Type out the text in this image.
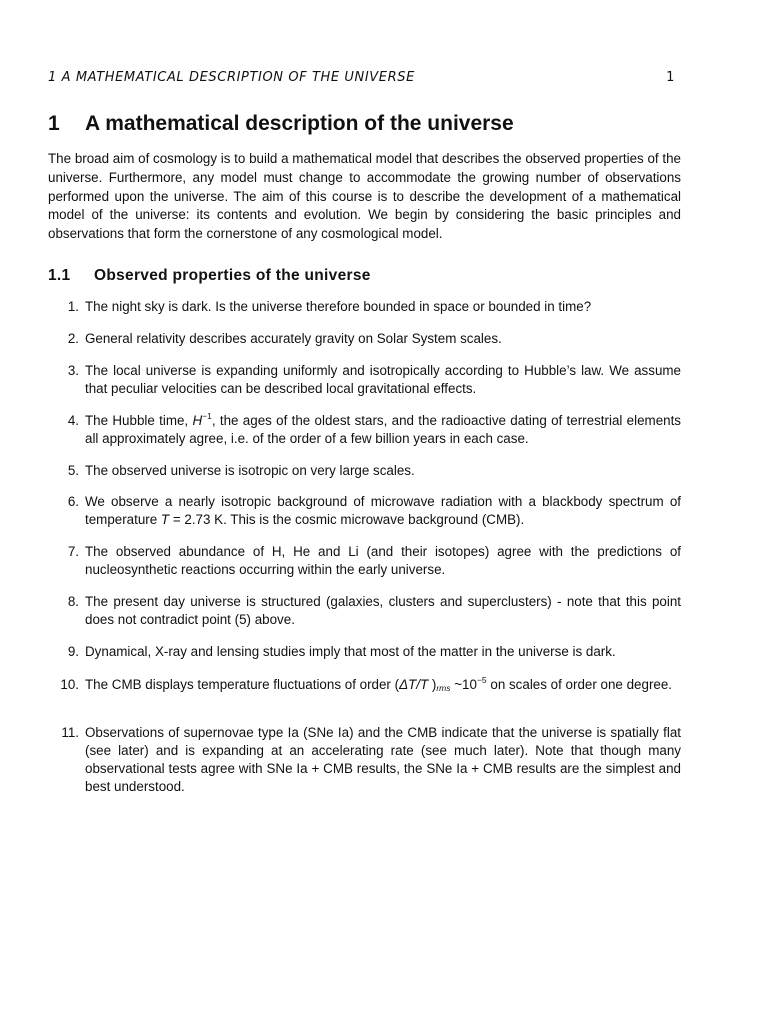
1 A MATHEMATICAL DESCRIPTION OF THE UNIVERSE	1
1 A mathematical description of the universe

The broad aim of cosmology is to build a mathematical model that describes the observed properties of the universe. Furthermore, any model must change to accommodate the growing number of observations performed upon the universe. The aim of this course is to describe the development of a mathematical model of the universe: its contents and evolution. We begin by considering the basic principles and observations that form the cornerstone of any cosmological model.

1.1 Observed properties of the universe
1. The night sky is dark. Is the universe therefore bounded in space or bounded in time?
2. General relativity describes accurately gravity on Solar System scales.
3. The local universe is expanding uniformly and isotropically according to Hubble’s law. We assume that peculiar velocities can be described local gravitational effects.
4. The Hubble time, $H^{-1}$, the ages of the oldest stars, and the radioactive dating of terrestrial elements all approximately agree, i.e. of the order of a few billion years in each case.
5. The observed universe is isotropic on very large scales.
6. We observe a nearly isotropic background of microwave radiation with a blackbody spectrum of temperature T = 2.73 K. This is the cosmic microwave background (CMB).
7. The observed abundance of H, He and Li (and their isotopes) agree with the predictions of nucleosynthetic reactions occurring within the early universe.
8. The present day universe is structured (galaxies, clusters and superclusters) - note that this point does not contradict point (5) above.
9. Dynamical, X-ray and lensing studies imply that most of the matter in the universe is dark.
10. The CMB displays temperature fluctuations of order (ΔT/T )$_{rms}$ $\sim 10^{-5}$ on scales of order one degree.
11. Observations of supernovae type Ia (SNe Ia) and the CMB indicate that the universe is spatially flat (see later) and is expanding at an accelerating rate (see much later). Note that though many observational tests agree with SNe Ia + CMB results, the SNe Ia + CMB results are the simplest and best understood.
